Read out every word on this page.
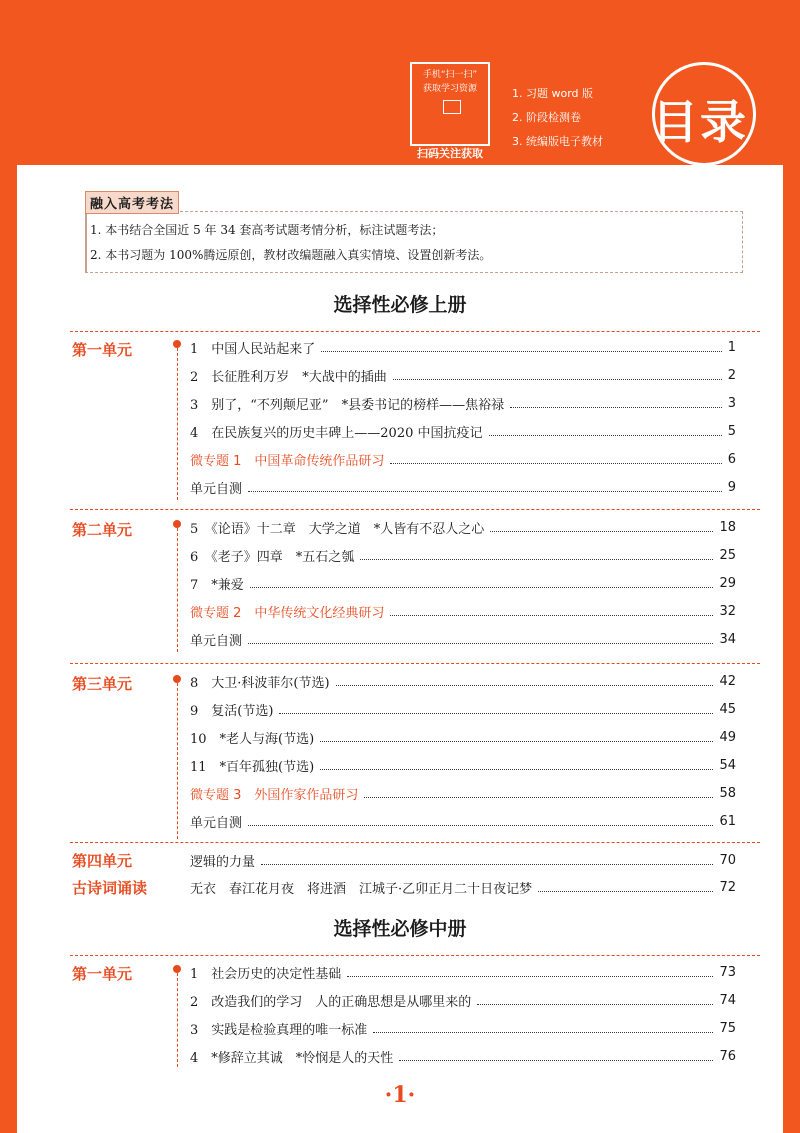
手机“扫一扫”
获取学习资源
扫码关注获取
1. 习题 word 版
2. 阶段检测卷
3. 统编版电子教材 目录
融入高考考法
1. 本书结合全国近 5 年 34 套高考试题考情分析，标注试题考法；
2. 本书习题为 100%腾远原创，教材改编题融入真实情境、设置创新考法。
选择性必修上册
第一单元	1　中国人民站起来了	1
2　长征胜利万岁　*大战中的插曲	2
3　别了，“不列颠尼亚”　*县委书记的榜样——焦裕禄	3
4　在民族复兴的历史丰碑上——2020 中国抗疫记	5
微专题 1　中国革命传统作品研习	6
单元自测	9
第二单元	5　《论语》十二章　大学之道　*人皆有不忍人之心	18
6　《老子》四章　*五石之瓠	25
7　*兼爱	29
微专题 2　中华传统文化经典研习	32
单元自测	34
第三单元	8　大卫·科波菲尔(节选)	42
9　复活(节选)	45
10　*老人与海(节选)	49
11　*百年孤独(节选)	54
微专题 3　外国作家作品研习	58
单元自测	61
第四单元	逻辑的力量	70
古诗词诵读	无衣　春江花月夜　将进酒　江城子·乙卯正月二十日夜记梦	72
选择性必修中册
第一单元	1　社会历史的决定性基础	73
2　改造我们的学习　人的正确思想是从哪里来的	74
3　实践是检验真理的唯一标准	75
4　*修辞立其诚　*怜悯是人的天性	76
·1·
